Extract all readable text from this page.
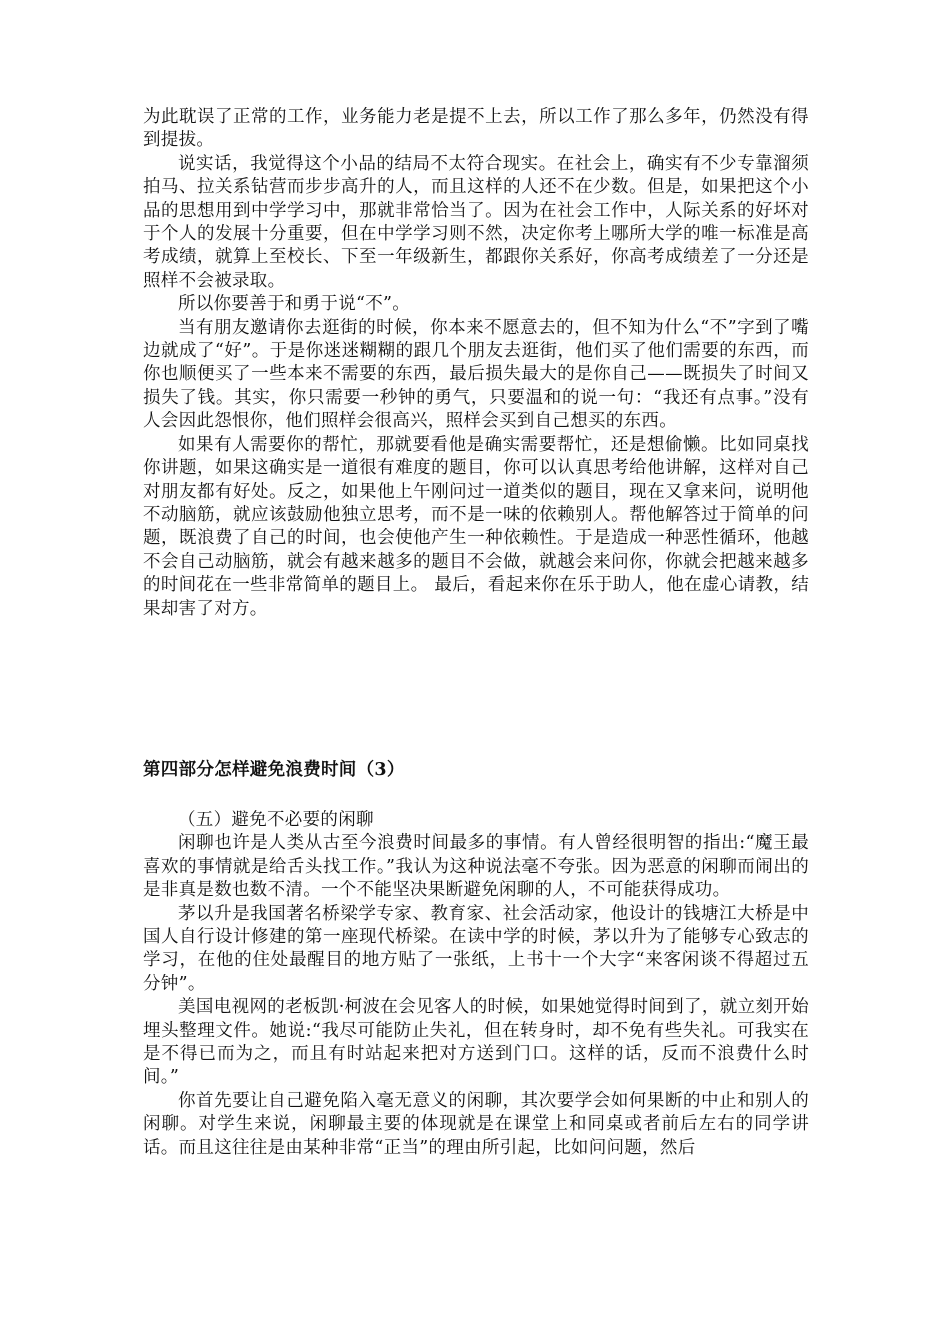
为此耽误了正常的工作，业务能力老是提不上去，所以工作了那么多年，仍然没有得到提拔。

说实话，我觉得这个小品的结局不太符合现实。在社会上，确实有不少专靠溜须拍马、拉关系钻营而步步高升的人，而且这样的人还不在少数。但是，如果把这个小品的思想用到中学学习中，那就非常恰当了。因为在社会工作中，人际关系的好坏对于个人的发展十分重要，但在中学学习则不然，决定你考上哪所大学的唯一标准是高考成绩，就算上至校长、下至一年级新生，都跟你关系好，你高考成绩差了一分还是照样不会被录取。

所以你要善于和勇于说“不”。

当有朋友邀请你去逛街的时候，你本来不愿意去的，但不知为什么“不”字到了嘴边就成了“好”。于是你迷迷糊糊的跟几个朋友去逛街，他们买了他们需要的东西，而你也顺便买了一些本来不需要的东西，最后损失最大的是你自己——既损失了时间又损失了钱。其实，你只需要一秒钟的勇气，只要温和的说一句：“我还有点事。”没有人会因此怨恨你，他们照样会很高兴，照样会买到自己想买的东西。

如果有人需要你的帮忙，那就要看他是确实需要帮忙，还是想偷懒。比如同桌找你讲题，如果这确实是一道很有难度的题目，你可以认真思考给他讲解，这样对自己对朋友都有好处。反之，如果他上午刚问过一道类似的题目，现在又拿来问，说明他不动脑筋，就应该鼓励他独立思考，而不是一味的依赖别人。帮他解答过于简单的问题，既浪费了自己的时间，也会使他产生一种依赖性。于是造成一种恶性循环，他越不会自己动脑筋，就会有越来越多的题目不会做，就越会来问你，你就会把越来越多的时间花在一些非常简单的题目上。 最后，看起来你在乐于助人，他在虚心请教，结果却害了对方。

第四部分怎样避免浪费时间（3）

（五）避免不必要的闲聊

闲聊也许是人类从古至今浪费时间最多的事情。有人曾经很明智的指出:“魔王最喜欢的事情就是给舌头找工作。”我认为这种说法毫不夸张。因为恶意的闲聊而闹出的是非真是数也数不清。一个不能坚决果断避免闲聊的人，不可能获得成功。

茅以升是我国著名桥梁学专家、教育家、社会活动家，他设计的钱塘江大桥是中国人自行设计修建的第一座现代桥梁。在读中学的时候，茅以升为了能够专心致志的学习，在他的住处最醒目的地方贴了一张纸，上书十一个大字“来客闲谈不得超过五分钟”。

美国电视网的老板凯·柯波在会见客人的时候，如果她觉得时间到了，就立刻开始埋头整理文件。她说:“我尽可能防止失礼，但在转身时，却不免有些失礼。可我实在是不得已而为之，而且有时站起来把对方送到门口。这样的话，反而不浪费什么时间。”

你首先要让自己避免陷入毫无意义的闲聊，其次要学会如何果断的中止和别人的闲聊。对学生来说，闲聊最主要的体现就是在课堂上和同桌或者前后左右的同学讲话。而且这往往是由某种非常“正当”的理由所引起，比如问问题，然后
